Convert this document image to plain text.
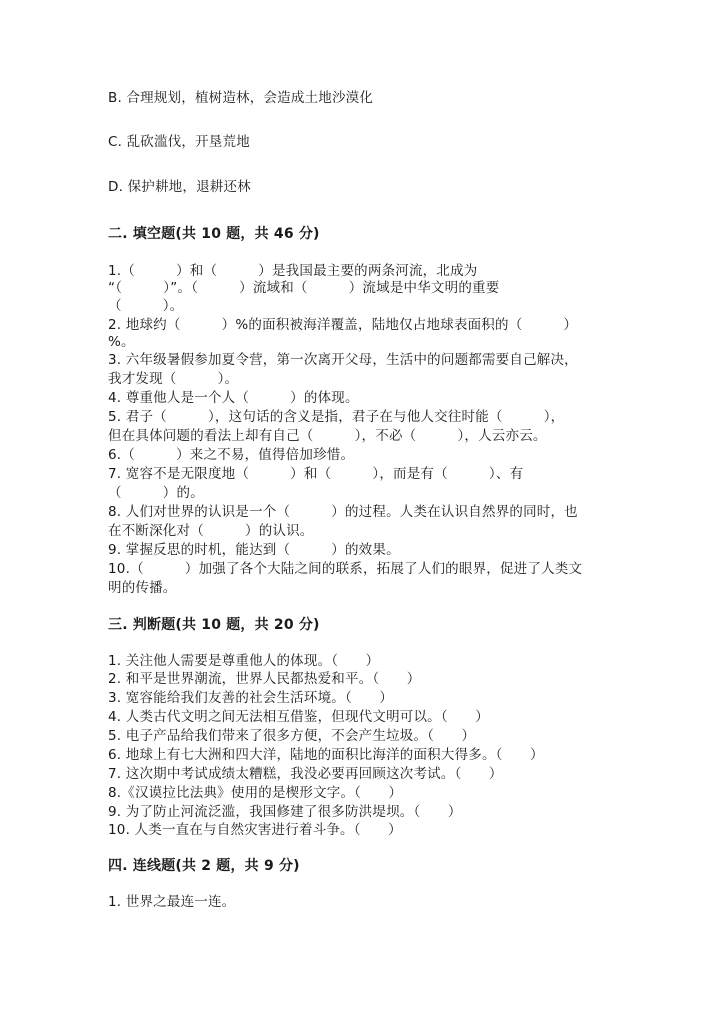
B. 合理规划，植树造林，会造成土地沙漠化
C. 乱砍滥伐，开垦荒地
D. 保护耕地，退耕还林
二. 填空题(共 10 题，共 46 分)
1.（　　　）和（　　　）是我国最主要的两条河流，北成为
“（　　　）”。（　　　）流域和（　　　）流域是中华文明的重要
（　　　）。
2. 地球约（　　　）%的面积被海洋覆盖，陆地仅占地球表面积的（　　　）
%。
3. 六年级暑假参加夏令营，第一次离开父母，生活中的问题都需要自己解决，
我才发现（　　　）。
4. 尊重他人是一个人（　　　）的体现。
5. 君子（　　　），这句话的含义是指，君子在与他人交往时能（　　　），
但在具体问题的看法上却有自己（　　　），不必（　　　），人云亦云。
6.（　　　）来之不易，值得倍加珍惜。
7. 宽容不是无限度地（　　　）和（　　　），而是有（　　　）、有
（　　　）的。
8. 人们对世界的认识是一个（　　　）的过程。人类在认识自然界的同时，也
在不断深化对（　　　）的认识。
9. 掌握反思的时机，能达到（　　　）的效果。
10.（　　　）加强了各个大陆之间的联系，拓展了人们的眼界，促进了人类文
明的传播。
三. 判断题(共 10 题，共 20 分)
1. 关注他人需要是尊重他人的体现。（　　）
2. 和平是世界潮流，世界人民都热爱和平。（　　）
3. 宽容能给我们友善的社会生活环境。（　　）
4. 人类古代文明之间无法相互借鉴，但现代文明可以。（　　）
5. 电子产品给我们带来了很多方便，不会产生垃圾。（　　）
6. 地球上有七大洲和四大洋，陆地的面积比海洋的面积大得多。（　　）
7. 这次期中考试成绩太糟糕，我没必要再回顾这次考试。（　　）
8.《汉谟拉比法典》使用的是楔形文字。（　　）
9. 为了防止河流泛滥，我国修建了很多防洪堤坝。（　　）
10. 人类一直在与自然灾害进行着斗争。（　　）
四. 连线题(共 2 题，共 9 分)
1. 世界之最连一连。
